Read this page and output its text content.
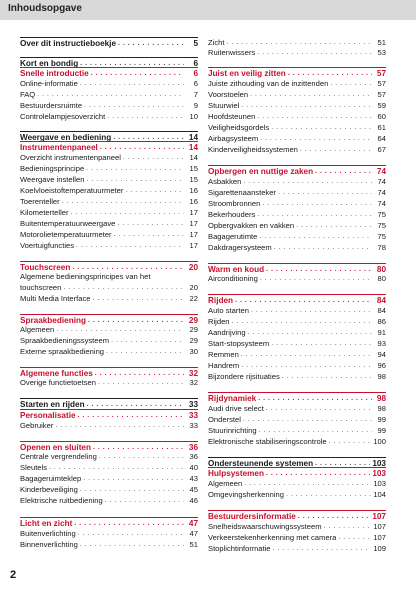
Inhoudsopgave
Over dit instructieboekje . . .	5
Kort en bondig . . .	6
Snelle introductie . . .	6
Online-informatie . . .	6
FAQ . . .	7
Bestuurdersruimte . . .	9
Controlelampjesoverzicht . . .	10
Weergave en bediening . . .	14
Instrumentenpaneel . . .	14
Overzicht instrumentenpaneel . . .	14
Bedieningsprincipe . . .	15
Weergave instellen . . .	15
Koelvloeistoftemperatuurmeter . . .	16
Toerenteller . . .	16
Kilometerteller . . .	17
Buitentemperatuurweergave . . .	17
Motorolietemperatuurmeter . . .	17
Voertuigfuncties . . .	17
Touchscreen . . .	20
Algemene bedieningsprincipes van het
touchscreen . . .	20
Multi Media Interface . . .	22
Spraakbediening . . .	29
Algemeen . . .	29
Spraakbedieningssysteem . . .	29
Externe spraakbediening . . .	30
Algemene functies . . .	32
Overige functietoetsen . . .	32
Starten en rijden . . .	33
Personalisatie . . .	33
Gebruiker . . .	33
Openen en sluiten . . .	36
Centrale vergrendeling . . .	36
Sleutels . . .	40
Bagageruimteklep . . .	43
Kinderbeveiliging . . .	45
Elektrische ruitbediening . . .	46
Licht en zicht . . .	47
Buitenverlichting . . .	47
Binnenverlichting . . .	51
Zicht . . .	51
Ruitenwissers . . .	53
Juist en veilig zitten . . .	57
Juiste zithouding van de inzittenden . . .	57
Voorstoelen . . .	57
Stuurwiel . . .	59
Hoofdsteunen . . .	60
Veiligheidsgordels . . .	61
Airbagsysteem . . .	64
Kinderveiligheidssystemen . . .	67
Opbergen en nuttige zaken . . .	74
Asbakken . . .	74
Sigarettenaansteker . . .	74
Stroombronnen . . .	74
Bekerhouders . . .	75
Opbergvakken en vakken . . .	75
Bagagerutimte . . .	75
Dakdragersysteem . . .	78
Warm en koud . . .	80
Airconditioning . . .	80
Rijden . . .	84
Auto starten . . .	84
Rijden . . .	86
Aandrijving . . .	91
Start-stopsysteem . . .	93
Remmen . . .	94
Handrem . . .	96
Bijzondere rijsituaties . . .	98
Rijdynamiek . . .	98
Audi drive select . . .	98
Onderstel . . .	99
Stuurinrichting . . .	99
Elektronische stabiliseringscontrole . . .	100
Ondersteunende systemen . . .	103
Hulpsystemen . . .	103
Algemeen . . .	103
Omgevingsherkenning . . .	104
Bestuurdersinformatie . . .	107
Snelheidswaarschuwingssysteem . . .	107
Verkeerstekenherkenning met camera . . .	107
Stoplichtinformatie . . .	109
2
